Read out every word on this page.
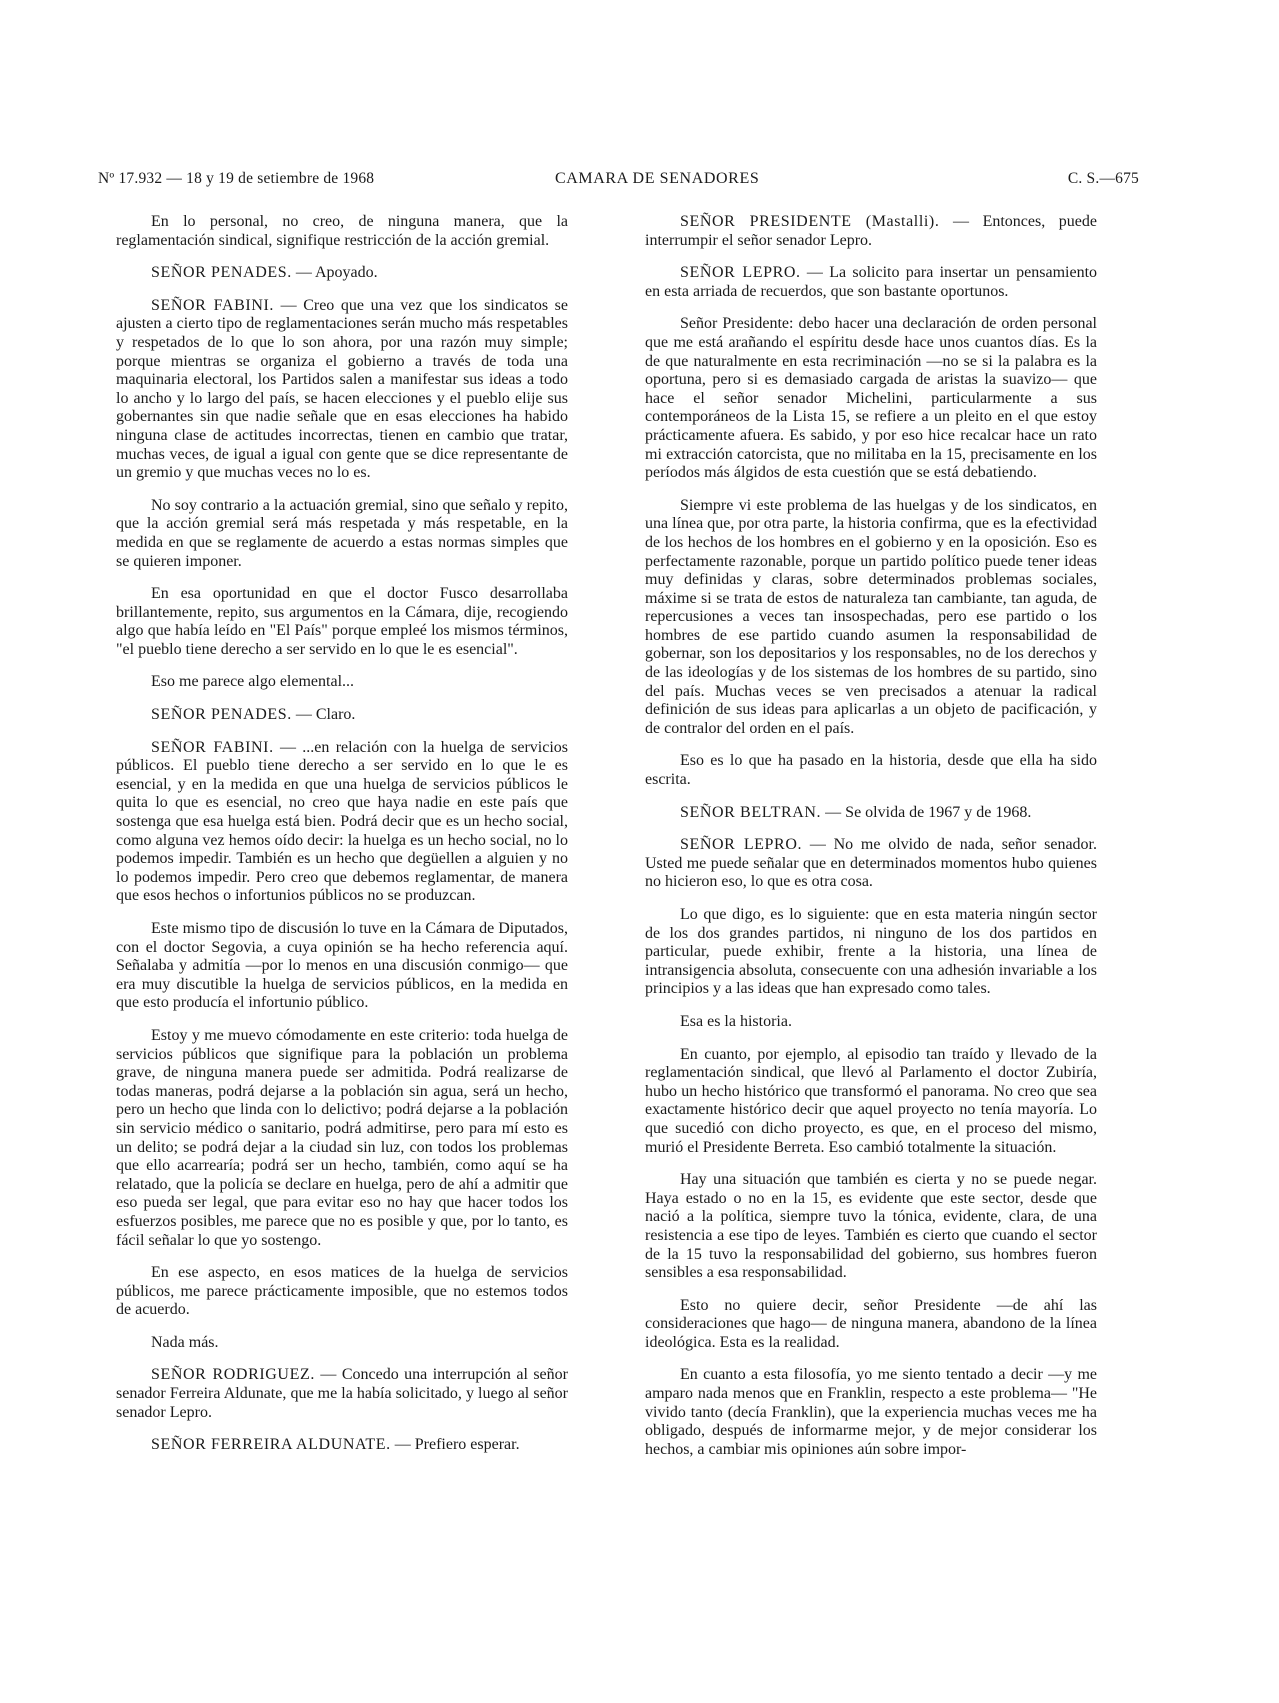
Nº 17.932 — 18 y 19 de setiembre de 1968	CAMARA DE SENADORES	C. S.—675

En lo personal, no creo, de ninguna manera, que la reglamentación sindical, signifique restricción de la acción gremial.

SEÑOR PENADES. — Apoyado.

SEÑOR FABINI. — Creo que una vez que los sindicatos se ajusten a cierto tipo de reglamentaciones serán mucho más respetables y respetados de lo que lo son ahora, por una razón muy simple; porque mientras se organiza el gobierno a través de toda una maquinaria electoral, los Partidos salen a manifestar sus ideas a todo lo ancho y lo largo del país, se hacen elecciones y el pueblo elije sus gobernantes sin que nadie señale que en esas elecciones ha habido ninguna clase de actitudes incorrectas, tienen en cambio que tratar, muchas veces, de igual a igual con gente que se dice representante de un gremio y que muchas veces no lo es.

No soy contrario a la actuación gremial, sino que señalo y repito, que la acción gremial será más respetada y más respetable, en la medida en que se reglamente de acuerdo a estas normas simples que se quieren imponer.

En esa oportunidad en que el doctor Fusco desarrollaba brillantemente, repito, sus argumentos en la Cámara, dije, recogiendo algo que había leído en "El País" porque empleé los mismos términos, "el pueblo tiene derecho a ser servido en lo que le es esencial".

Eso me parece algo elemental...

SEÑOR PENADES. — Claro.

SEÑOR FABINI. — ...en relación con la huelga de servicios públicos. El pueblo tiene derecho a ser servido en lo que le es esencial, y en la medida en que una huelga de servicios públicos le quita lo que es esencial, no creo que haya nadie en este país que sostenga que esa huelga está bien. Podrá decir que es un hecho social, como alguna vez hemos oído decir: la huelga es un hecho social, no lo podemos impedir. También es un hecho que degüellen a alguien y no lo podemos impedir. Pero creo que debemos reglamentar, de manera que esos hechos o infortunios públicos no se produzcan.

Este mismo tipo de discusión lo tuve en la Cámara de Diputados, con el doctor Segovia, a cuya opinión se ha hecho referencia aquí. Señalaba y admitía —por lo menos en una discusión conmigo— que era muy discutible la huelga de servicios públicos, en la medida en que esto producía el infortunio público.

Estoy y me muevo cómodamente en este criterio: toda huelga de servicios públicos que signifique para la población un problema grave, de ninguna manera puede ser admitida. Podrá realizarse de todas maneras, podrá dejarse a la población sin agua, será un hecho, pero un hecho que linda con lo delictivo; podrá dejarse a la población sin servicio médico o sanitario, podrá admitirse, pero para mí esto es un delito; se podrá dejar a la ciudad sin luz, con todos los problemas que ello acarrearía; podrá ser un hecho, también, como aquí se ha relatado, que la policía se declare en huelga, pero de ahí a admitir que eso pueda ser legal, que para evitar eso no hay que hacer todos los esfuerzos posibles, me parece que no es posible y que, por lo tanto, es fácil señalar lo que yo sostengo.

En ese aspecto, en esos matices de la huelga de servicios públicos, me parece prácticamente imposible, que no estemos todos de acuerdo.

Nada más.

SEÑOR RODRIGUEZ. — Concedo una interrupción al señor senador Ferreira Aldunate, que me la había solicitado, y luego al señor senador Lepro.

SEÑOR FERREIRA ALDUNATE. — Prefiero esperar.

SEÑOR PRESIDENTE (Mastalli). — Entonces, puede interrumpir el señor senador Lepro.

SEÑOR LEPRO. — La solicito para insertar un pensamiento en esta arriada de recuerdos, que son bastante oportunos.

Señor Presidente: debo hacer una declaración de orden personal que me está arañando el espíritu desde hace unos cuantos días. Es la de que naturalmente en esta recriminación —no se si la palabra es la oportuna, pero si es demasiado cargada de aristas la suavizo— que hace el señor senador Michelini, particularmente a sus contemporáneos de la Lista 15, se refiere a un pleito en el que estoy prácticamente afuera. Es sabido, y por eso hice recalcar hace un rato mi extracción catorcista, que no militaba en la 15, precisamente en los períodos más álgidos de esta cuestión que se está debatiendo.

Siempre vi este problema de las huelgas y de los sindicatos, en una línea que, por otra parte, la historia confirma, que es la efectividad de los hechos de los hombres en el gobierno y en la oposición. Eso es perfectamente razonable, porque un partido político puede tener ideas muy definidas y claras, sobre determinados problemas sociales, máxime si se trata de estos de naturaleza tan cambiante, tan aguda, de repercusiones a veces tan insospechadas, pero ese partido o los hombres de ese partido cuando asumen la responsabilidad de gobernar, son los depositarios y los responsables, no de los derechos y de las ideologías y de los sistemas de los hombres de su partido, sino del país. Muchas veces se ven precisados a atenuar la radical definición de sus ideas para aplicarlas a un objeto de pacificación, y de contralor del orden en el país.

Eso es lo que ha pasado en la historia, desde que ella ha sido escrita.

SEÑOR BELTRAN. — Se olvida de 1967 y de 1968.

SEÑOR LEPRO. — No me olvido de nada, señor senador. Usted me puede señalar que en determinados momentos hubo quienes no hicieron eso, lo que es otra cosa.

Lo que digo, es lo siguiente: que en esta materia ningún sector de los dos grandes partidos, ni ninguno de los dos partidos en particular, puede exhibir, frente a la historia, una línea de intransigencia absoluta, consecuente con una adhesión invariable a los principios y a las ideas que han expresado como tales.

Esa es la historia.

En cuanto, por ejemplo, al episodio tan traído y llevado de la reglamentación sindical, que llevó al Parlamento el doctor Zubiría, hubo un hecho histórico que transformó el panorama. No creo que sea exactamente histórico decir que aquel proyecto no tenía mayoría. Lo que sucedió con dicho proyecto, es que, en el proceso del mismo, murió el Presidente Berreta. Eso cambió totalmente la situación.

Hay una situación que también es cierta y no se puede negar. Haya estado o no en la 15, es evidente que este sector, desde que nació a la política, siempre tuvo la tónica, evidente, clara, de una resistencia a ese tipo de leyes. También es cierto que cuando el sector de la 15 tuvo la responsabilidad del gobierno, sus hombres fueron sensibles a esa responsabilidad.

Esto no quiere decir, señor Presidente —de ahí las consideraciones que hago— de ninguna manera, abandono de la línea ideológica. Esta es la realidad.

En cuanto a esta filosofía, yo me siento tentado a decir —y me amparo nada menos que en Franklin, respecto a este problema— "He vivido tanto (decía Franklin), que la experiencia muchas veces me ha obligado, después de informarme mejor, y de mejor considerar los hechos, a cambiar mis opiniones aún sobre impor-
